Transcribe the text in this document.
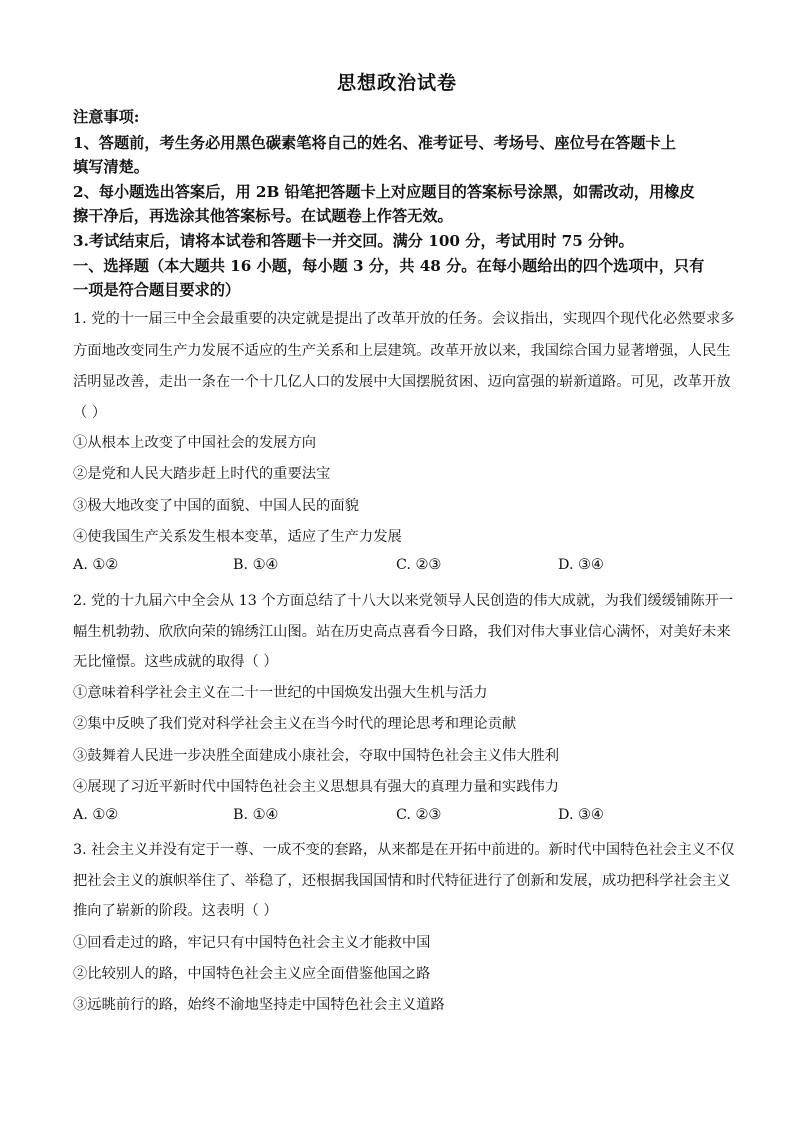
思想政治试卷
注意事项:
1、答题前，考生务必用黑色碳素笔将自己的姓名、准考证号、考场号、座位号在答题卡上
填写清楚。
2、每小题选出答案后，用 2B 铅笔把答题卡上对应题目的答案标号涂黑，如需改动，用橡皮
擦干净后，再选涂其他答案标号。在试题卷上作答无效。
3.考试结束后，请将本试卷和答题卡一并交回。满分 100 分，考试用时 75 分钟。
一、选择题（本大题共 16 小题，每小题 3 分，共 48 分。在每小题给出的四个选项中，只有
一项是符合题目要求的）
1. 党的十一届三中全会最重要的决定就是提出了改革开放的任务。会议指出，实现四个现代化必然要求多
方面地改变同生产力发展不适应的生产关系和上层建筑。改革开放以来，我国综合国力显著增强，人民生
活明显改善，走出一条在一个十几亿人口的发展中大国摆脱贫困、迈向富强的崭新道路。可见，改革开放
（ ）
①从根本上改变了中国社会的发展方向
②是党和人民大踏步赶上时代的重要法宝
③极大地改变了中国的面貌、中国人民的面貌
④使我国生产关系发生根本变革，适应了生产力发展
A. ①②	B. ①④	C. ②③	D. ③④
2. 党的十九届六中全会从 13 个方面总结了十八大以来党领导人民创造的伟大成就，为我们缓缓铺陈开一
幅生机勃勃、欣欣向荣的锦绣江山图。站在历史高点喜看今日路，我们对伟大事业信心满怀，对美好未来
无比憧憬。这些成就的取得（ ）
①意味着科学社会主义在二十一世纪的中国焕发出强大生机与活力
②集中反映了我们党对科学社会主义在当今时代的理论思考和理论贡献
③鼓舞着人民进一步决胜全面建成小康社会，夺取中国特色社会主义伟大胜利
④展现了习近平新时代中国特色社会主义思想具有强大的真理力量和实践伟力
A. ①②	B. ①④	C. ②③	D. ③④
3. 社会主义并没有定于一尊、一成不变的套路，从来都是在开拓中前进的。新时代中国特色社会主义不仅
把社会主义的旗帜举住了、举稳了，还根据我国国情和时代特征进行了创新和发展，成功把科学社会主义
推向了崭新的阶段。这表明（ ）
①回看走过的路，牢记只有中国特色社会主义才能救中国
②比较别人的路，中国特色社会主义应全面借鉴他国之路
③远眺前行的路，始终不渝地坚持走中国特色社会主义道路
